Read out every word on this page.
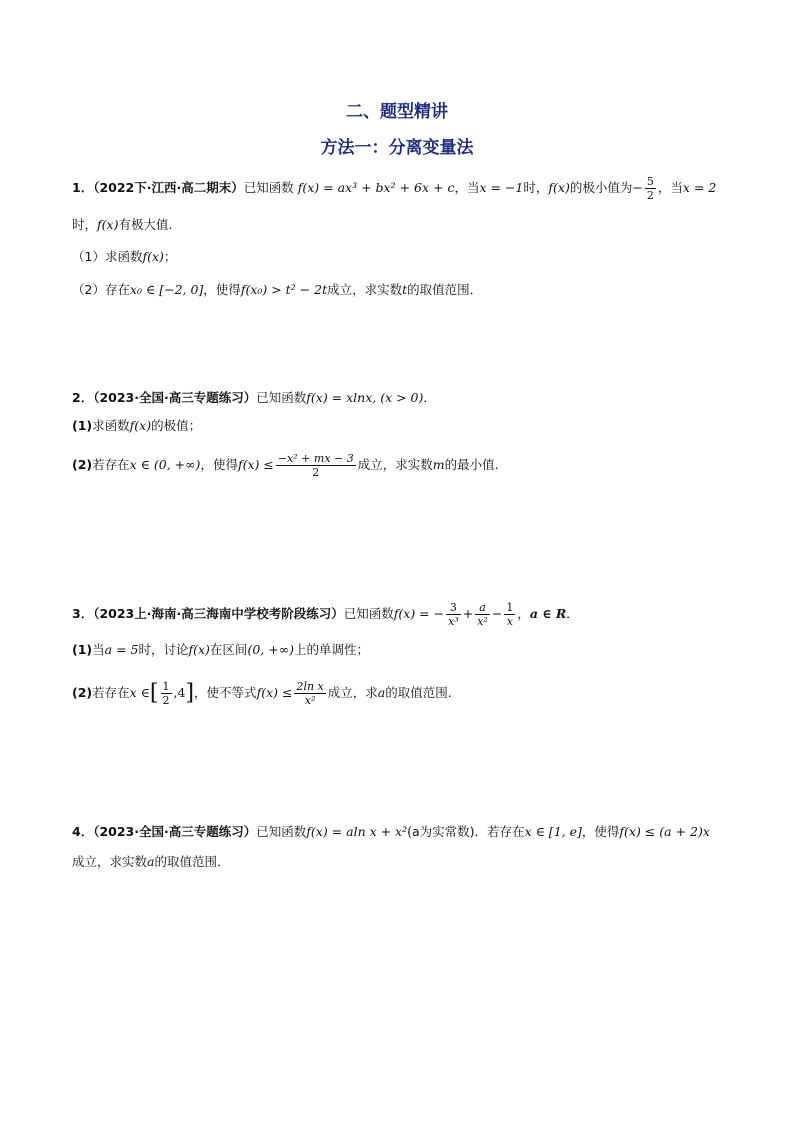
二、题型精讲
方法一：分离变量法
1．（2022下·江西·高二期末）已知函数 f(x) = ax³ + bx² + 6x + c，当x = −1时，f(x)的极小值为− $\frac{5}{2}$ ，当x = 2
时，f(x)有极大值．
（1）求函数f(x)；
（2）存在x₀ ∈ [−2, 0]，使得f(x₀) > t² − 2t成立，求实数t的取值范围．
2．（2023·全国·高三专题练习）已知函数f(x) = xlnx, (x > 0)．
(1)求函数f(x)的极值；
(2)若存在x ∈ (0, +∞)，使得$f(x) \le \frac{\text{−x² + mx − 3}}{2}$ 成立，求实数m的最小值.
3．（2023上·海南·高三海南中学校考阶段练习）已知函数f(x) = − $\frac{3}{\text{x³}} + \frac{a}{\text{x²}} - \frac{1}{x}$ ，a ∈ R．
(1)当a = 5时，讨论f(x)在区间(0, +∞)上的单调性；
(2)若存在x ∈[ $\frac{1}{2} ,4$]，使不等式$f(x) \le \frac{\text{2ln x}}{\text{x²}}$ 成立，求a的取值范围.
4．（2023·全国·高三专题练习）已知函数f(x) = aln x + x²(a为实常数)．若存在x ∈ [1, e]，使得f(x) ≤ (a + 2)x
成立，求实数a的取值范围．
